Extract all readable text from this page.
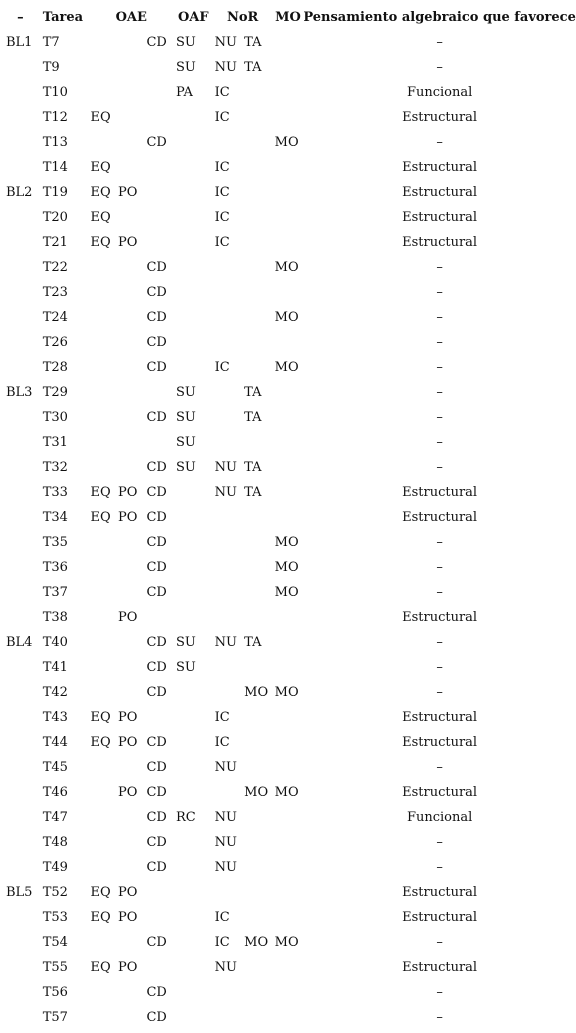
–	Tarea	OAE			OAF	NoR		MO	Pensamiento algebraico que favorece
BL1	T7			CD	SU	NU	TA		–
	T9				SU	NU	TA		–
	T10				PA	IC			Funcional
	T12	EQ				IC			Estructural
	T13			CD				MO	–
	T14	EQ				IC			Estructural
BL2	T19	EQ	PO			IC			Estructural
	T20	EQ				IC			Estructural
	T21	EQ	PO			IC			Estructural
	T22			CD				MO	–
	T23			CD					–
	T24			CD				MO	–
	T26			CD					–
	T28			CD		IC		MO	–
BL3	T29				SU		TA		–
	T30			CD	SU		TA		–
	T31				SU				–
	T32			CD	SU	NU	TA		–
	T33	EQ	PO	CD		NU	TA		Estructural
	T34	EQ	PO	CD					Estructural
	T35			CD				MO	–
	T36			CD				MO	–
	T37			CD				MO	–
	T38		PO						Estructural
BL4	T40			CD	SU	NU	TA		–
	T41			CD	SU				–
	T42			CD			MO	MO	–
	T43	EQ	PO			IC			Estructural
	T44	EQ	PO	CD		IC			Estructural
	T45			CD		NU			–
	T46		PO	CD			MO	MO	Estructural
	T47			CD	RC	NU			Funcional
	T48			CD		NU			–
	T49			CD		NU			–
BL5	T52	EQ	PO						Estructural
	T53	EQ	PO			IC			Estructural
	T54			CD		IC	MO	MO	–
	T55	EQ	PO			NU			Estructural
	T56			CD					–
	T57			CD					–
